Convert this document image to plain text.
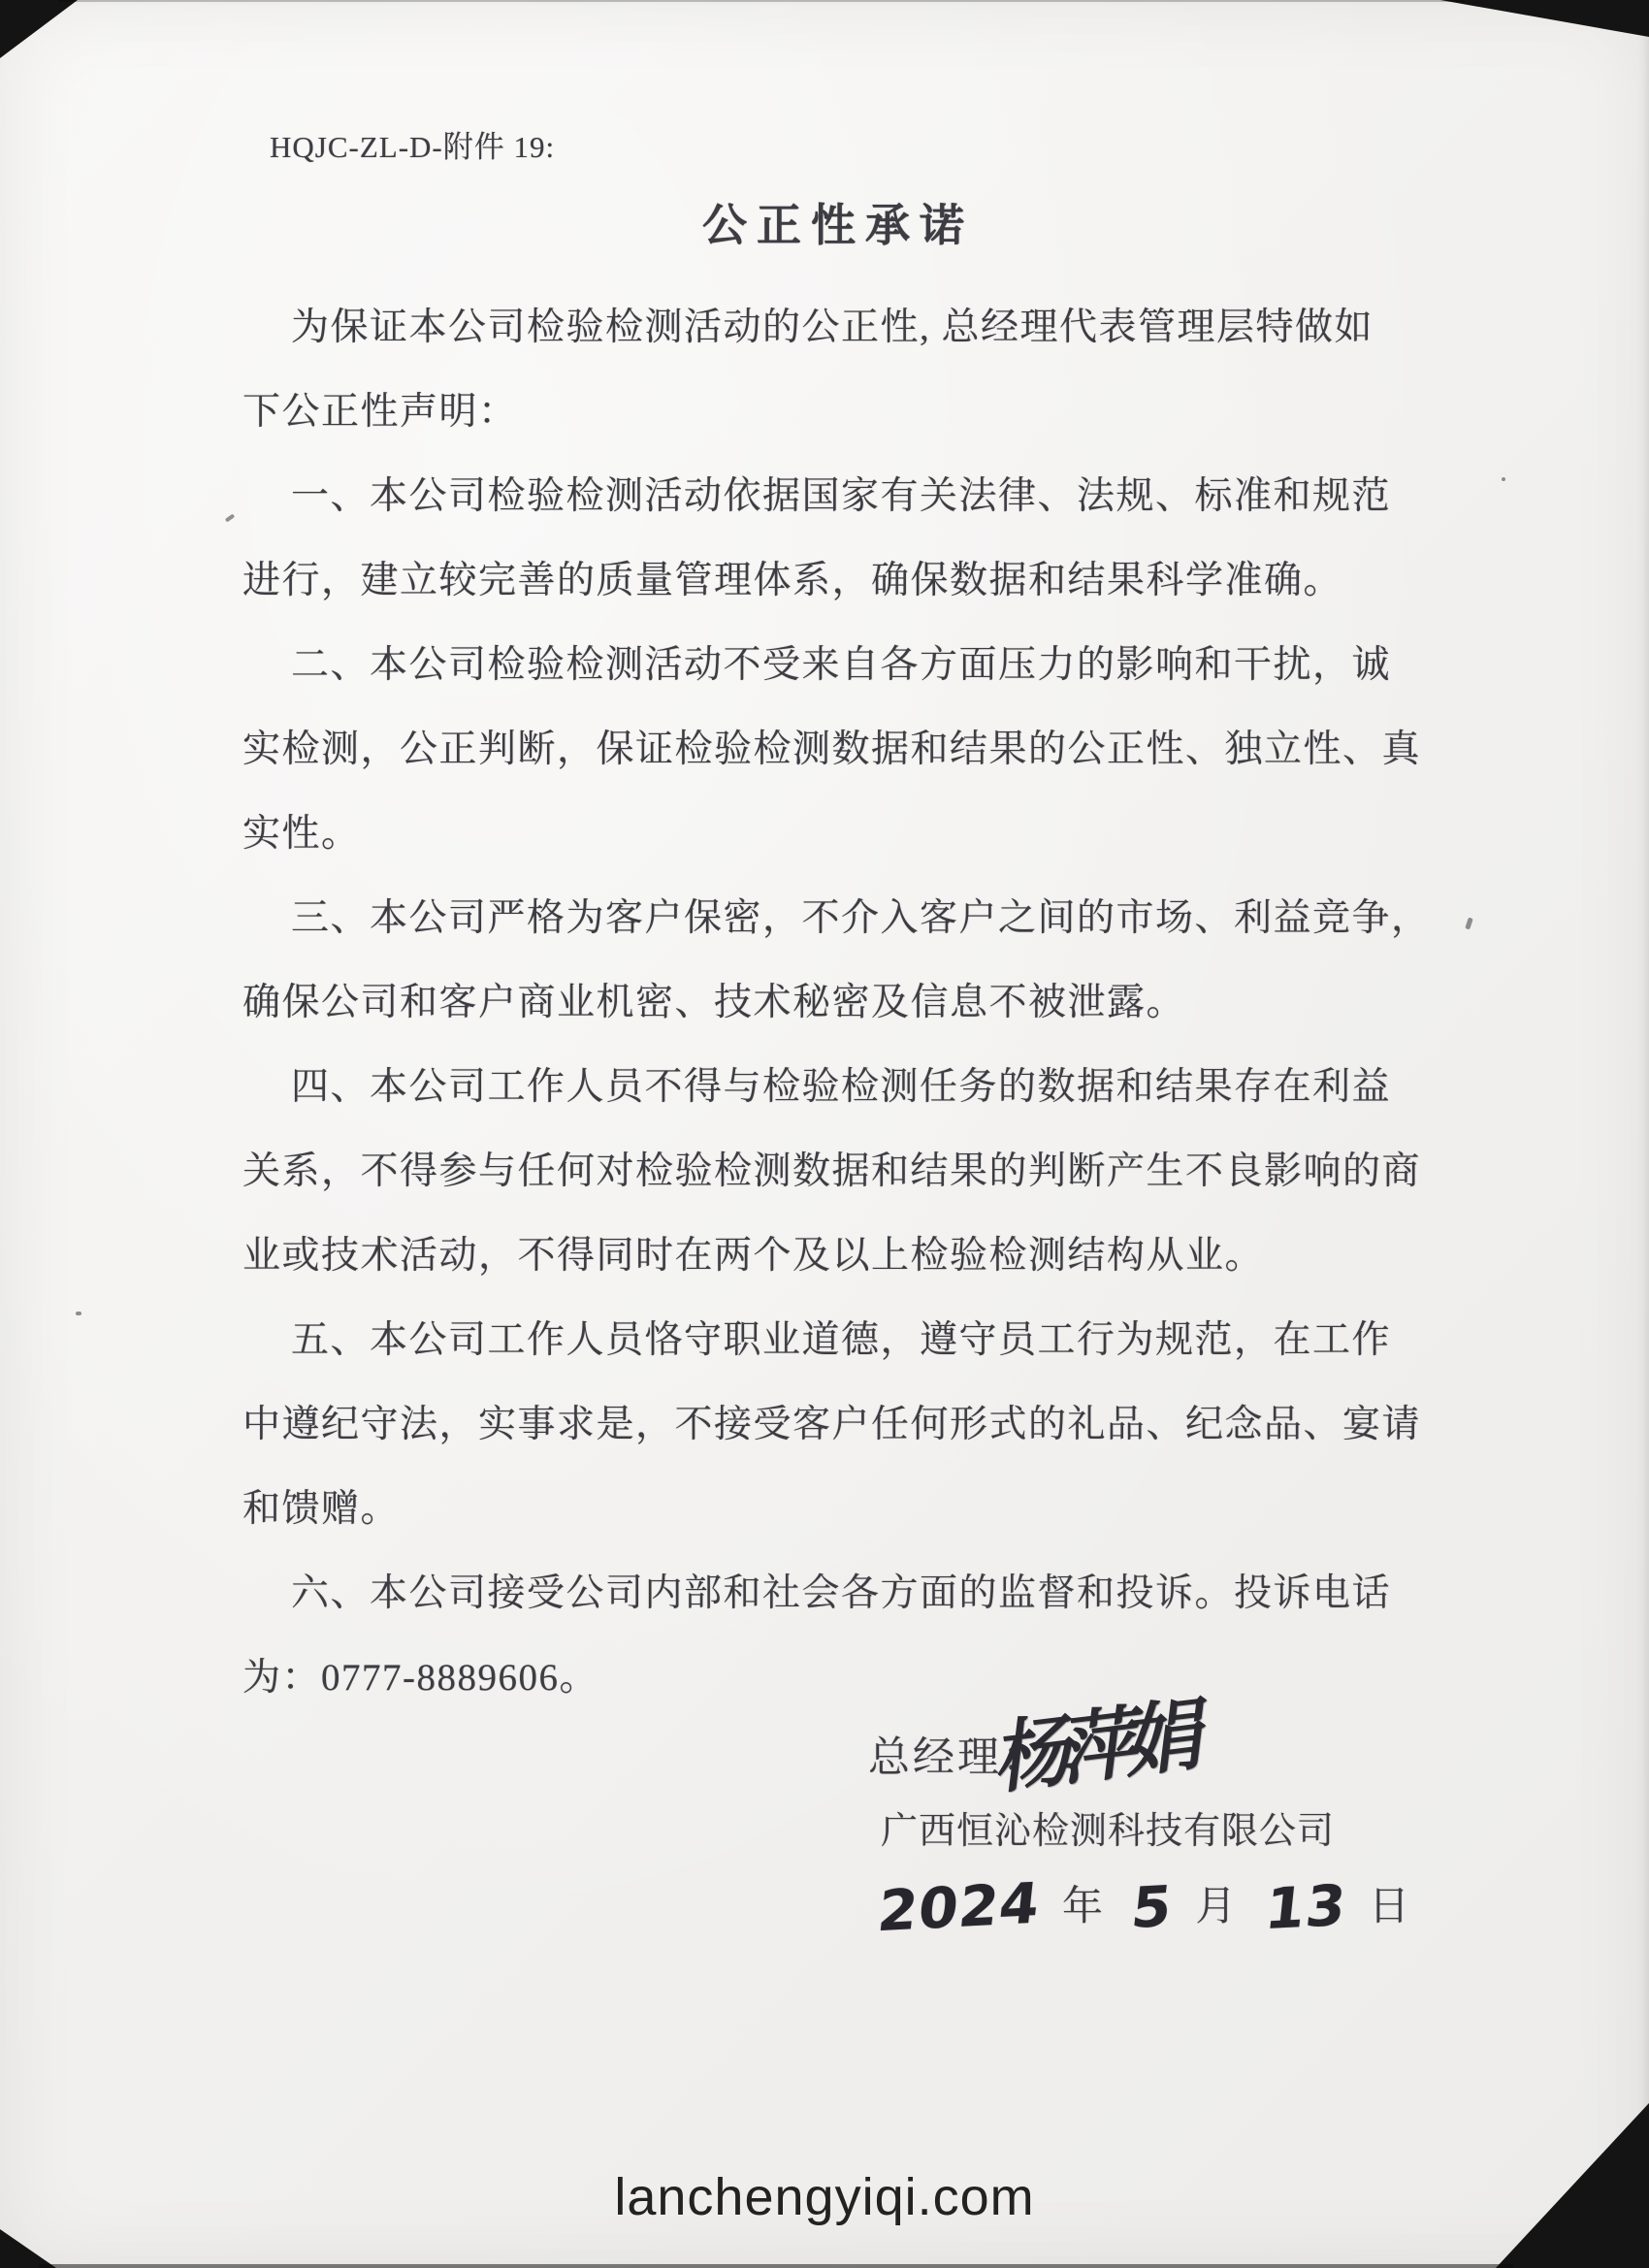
HQJC-ZL-D-附件 19:
公正性承诺

为保证本公司检验检测活动的公正性, 总经理代表管理层特做如

下公正性声明：

一、本公司检验检测活动依据国家有关法律、法规、标准和规范

进行，建立较完善的质量管理体系，确保数据和结果科学准确。

二、本公司检验检测活动不受来自各方面压力的影响和干扰，诚

实检测，公正判断，保证检验检测数据和结果的公正性、独立性、真

实性。

三、本公司严格为客户保密，不介入客户之间的市场、利益竞争，

确保公司和客户商业机密、技术秘密及信息不被泄露。

四、本公司工作人员不得与检验检测任务的数据和结果存在利益

关系，不得参与任何对检验检测数据和结果的判断产生不良影响的商

业或技术活动，不得同时在两个及以上检验检测结构从业。

五、本公司工作人员恪守职业道德，遵守员工行为规范，在工作

中遵纪守法，实事求是，不接受客户任何形式的礼品、纪念品、宴请

和馈赠。

六、本公司接受公司内部和社会各方面的监督和投诉。投诉电话

为：0777-8889606。

总经理：
杨萍娟
广西恒沁检测科技有限公司
2024 年 5 月 13 日
lanchengyiqi.com
